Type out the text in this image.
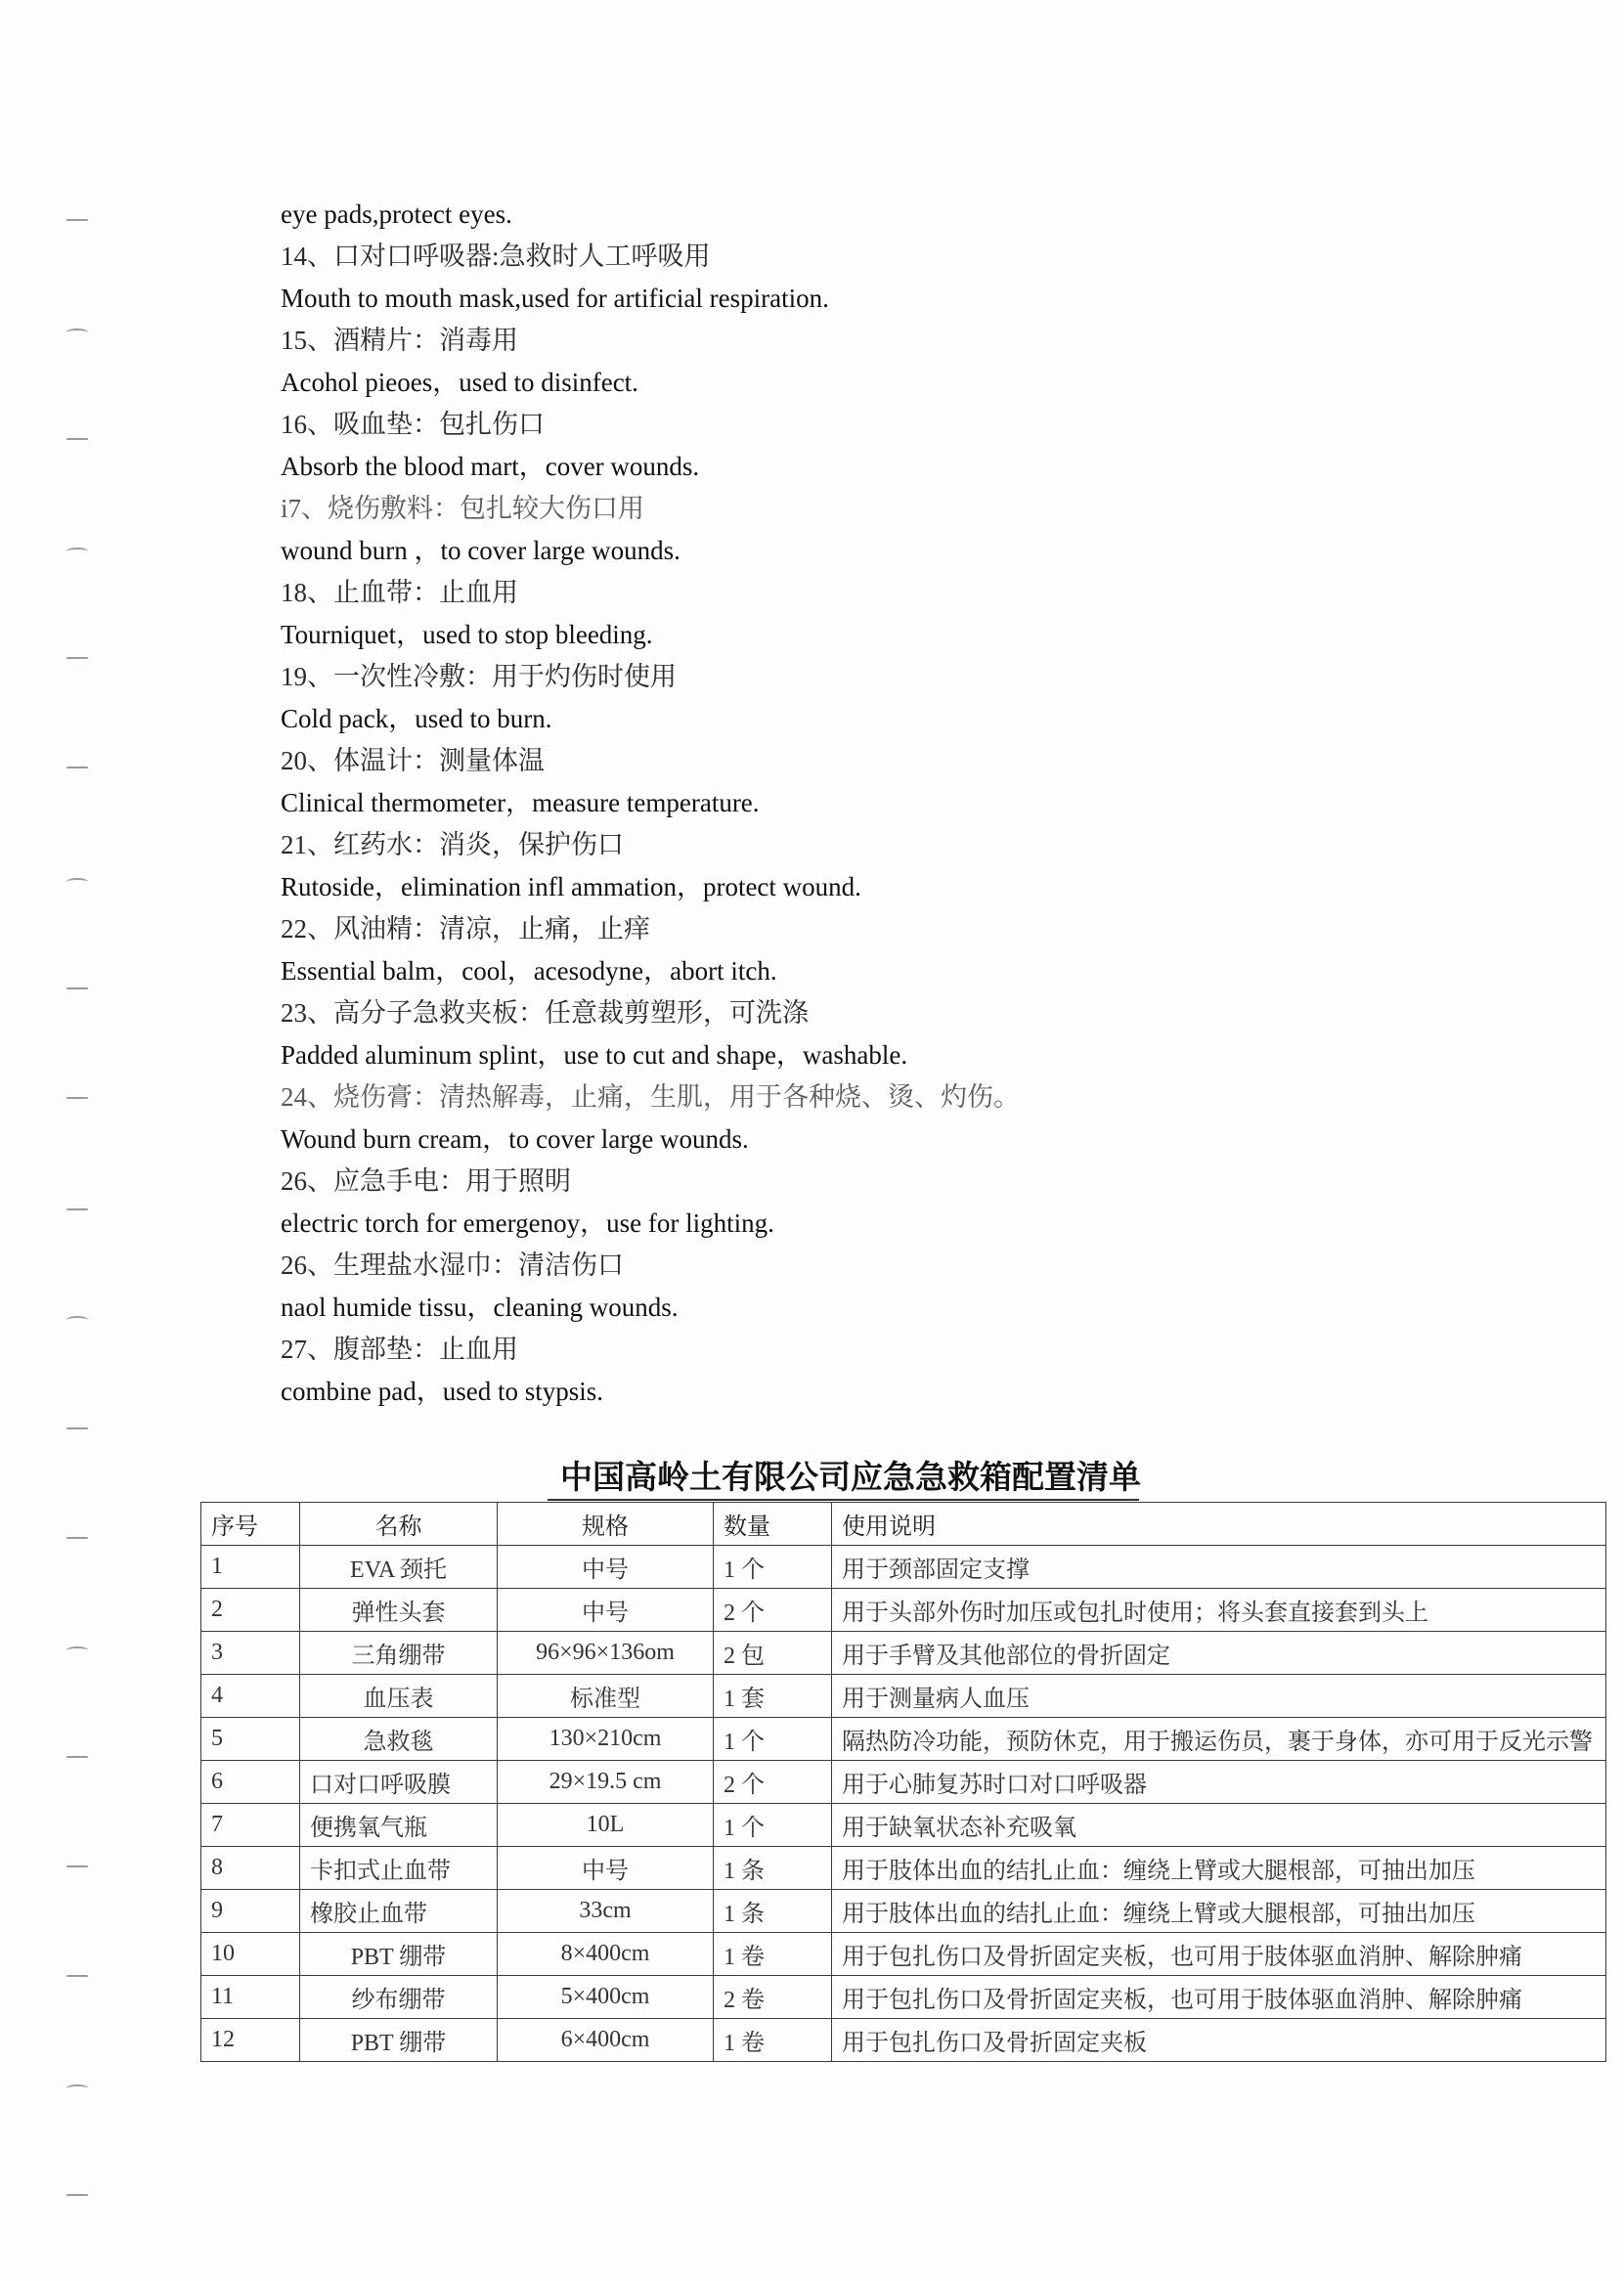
eye pads,protect eyes.
14、口对口呼吸器:急救时人工呼吸用
Mouth to mouth mask,used for artificial respiration.
15、酒精片：消毒用
Acohol pieoes，used to disinfect.
16、吸血垫：包扎伤口
Absorb the blood mart，cover wounds.
i7、烧伤敷料：包扎较大伤口用
wound burn ，to cover large wounds.
18、止血带：止血用
Tourniquet，used to stop bleeding.
19、一次性冷敷：用于灼伤时使用
Cold pack，used to burn.
20、体温计：测量体温
Clinical thermometer，measure temperature.
21、红药水：消炎，保护伤口
Rutoside，elimination infl ammation，protect wound.
22、风油精：清凉，止痛，止痒
Essential balm，cool，acesodyne，abort itch.
23、高分子急救夹板：任意裁剪塑形，可洗涤
Padded aluminum splint，use to cut and shape，washable.
24、烧伤膏：清热解毒，止痛，生肌，用于各种烧、烫、灼伤。
Wound burn cream，to cover large wounds.
26、应急手电：用于照明
electric torch for emergenoy，use for lighting.
26、生理盐水湿巾：清洁伤口
naol humide tissu，cleaning wounds.
27、腹部垫：止血用
combine pad，used to stypsis.
中国高岭土有限公司应急急救箱配置清单
序号	名称	规格	数量	使用说明
1	EVA 颈托	中号	1 个	用于颈部固定支撑
2	弹性头套	中号	2 个	用于头部外伤时加压或包扎时使用；将头套直接套到头上
3	三角绷带	96×96×136om	2 包	用于手臂及其他部位的骨折固定
4	血压表	标准型	1 套	用于测量病人血压
5	急救毯	130×210cm	1 个	隔热防冷功能，预防休克，用于搬运伤员，裹于身体，亦可用于反光示警
6	口对口呼吸膜	29×19.5 cm	2 个	用于心肺复苏时口对口呼吸器
7	便携氧气瓶	10L	1 个	用于缺氧状态补充吸氧
8	卡扣式止血带	中号	1 条	用于肢体出血的结扎止血：缠绕上臂或大腿根部，可抽出加压
9	橡胶止血带	33cm	1 条	用于肢体出血的结扎止血：缠绕上臂或大腿根部，可抽出加压
10	PBT 绷带	8×400cm	1 卷	用于包扎伤口及骨折固定夹板，也可用于肢体驱血消肿、解除肿痛
11	纱布绷带	5×400cm	2 卷	用于包扎伤口及骨折固定夹板，也可用于肢体驱血消肿、解除肿痛
12	PBT 绷带	6×400cm	1 卷	用于包扎伤口及骨折固定夹板
